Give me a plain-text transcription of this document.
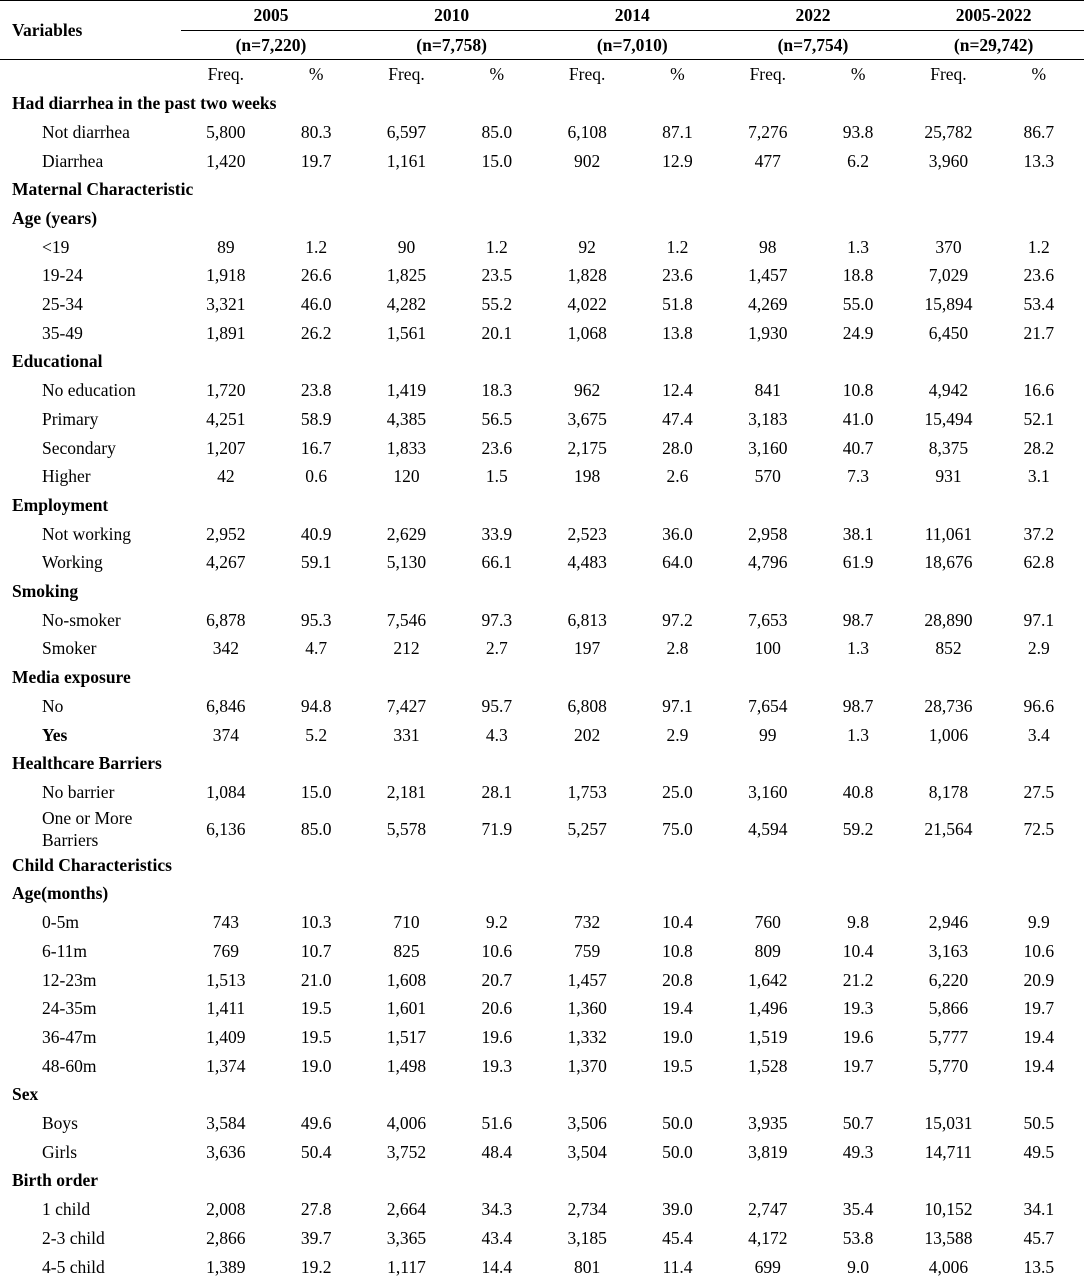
Variables	2005		2010		2014		2022		2005-2022	
	(n=7,220)		(n=7,758)		(n=7,010)		(n=7,754)		(n=29,742)	
	Freq.	%	Freq.	%	Freq.	%	Freq.	%	Freq.	%
Had diarrhea in the past two weeks										
Not diarrhea	5,800	80.3	6,597	85.0	6,108	87.1	7,276	93.8	25,782	86.7
Diarrhea	1,420	19.7	1,161	15.0	902	12.9	477	6.2	3,960	13.3
Maternal Characteristic										
Age (years)										
<19	89	1.2	90	1.2	92	1.2	98	1.3	370	1.2
19-24	1,918	26.6	1,825	23.5	1,828	23.6	1,457	18.8	7,029	23.6
25-34	3,321	46.0	4,282	55.2	4,022	51.8	4,269	55.0	15,894	53.4
35-49	1,891	26.2	1,561	20.1	1,068	13.8	1,930	24.9	6,450	21.7
Educational										
No education	1,720	23.8	1,419	18.3	962	12.4	841	10.8	4,942	16.6
Primary	4,251	58.9	4,385	56.5	3,675	47.4	3,183	41.0	15,494	52.1
Secondary	1,207	16.7	1,833	23.6	2,175	28.0	3,160	40.7	8,375	28.2
Higher	42	0.6	120	1.5	198	2.6	570	7.3	931	3.1
Employment										
Not working	2,952	40.9	2,629	33.9	2,523	36.0	2,958	38.1	11,061	37.2
Working	4,267	59.1	5,130	66.1	4,483	64.0	4,796	61.9	18,676	62.8
Smoking										
No-smoker	6,878	95.3	7,546	97.3	6,813	97.2	7,653	98.7	28,890	97.1
Smoker	342	4.7	212	2.7	197	2.8	100	1.3	852	2.9
Media exposure										
No	6,846	94.8	7,427	95.7	6,808	97.1	7,654	98.7	28,736	96.6
Yes	374	5.2	331	4.3	202	2.9	99	1.3	1,006	3.4
Healthcare Barriers										
No barrier	1,084	15.0	2,181	28.1	1,753	25.0	3,160	40.8	8,178	27.5
One or More Barriers	6,136	85.0	5,578	71.9	5,257	75.0	4,594	59.2	21,564	72.5
Child Characteristics										
Age(months)										
0-5m	743	10.3	710	9.2	732	10.4	760	9.8	2,946	9.9
6-11m	769	10.7	825	10.6	759	10.8	809	10.4	3,163	10.6
12-23m	1,513	21.0	1,608	20.7	1,457	20.8	1,642	21.2	6,220	20.9
24-35m	1,411	19.5	1,601	20.6	1,360	19.4	1,496	19.3	5,866	19.7
36-47m	1,409	19.5	1,517	19.6	1,332	19.0	1,519	19.6	5,777	19.4
48-60m	1,374	19.0	1,498	19.3	1,370	19.5	1,528	19.7	5,770	19.4
Sex										
Boys	3,584	49.6	4,006	51.6	3,506	50.0	3,935	50.7	15,031	50.5
Girls	3,636	50.4	3,752	48.4	3,504	50.0	3,819	49.3	14,711	49.5
Birth order										
1 child	2,008	27.8	2,664	34.3	2,734	39.0	2,747	35.4	10,152	34.1
2-3 child	2,866	39.7	3,365	43.4	3,185	45.4	4,172	53.8	13,588	45.7
4-5 child	1,389	19.2	1,117	14.4	801	11.4	699	9.0	4,006	13.5
